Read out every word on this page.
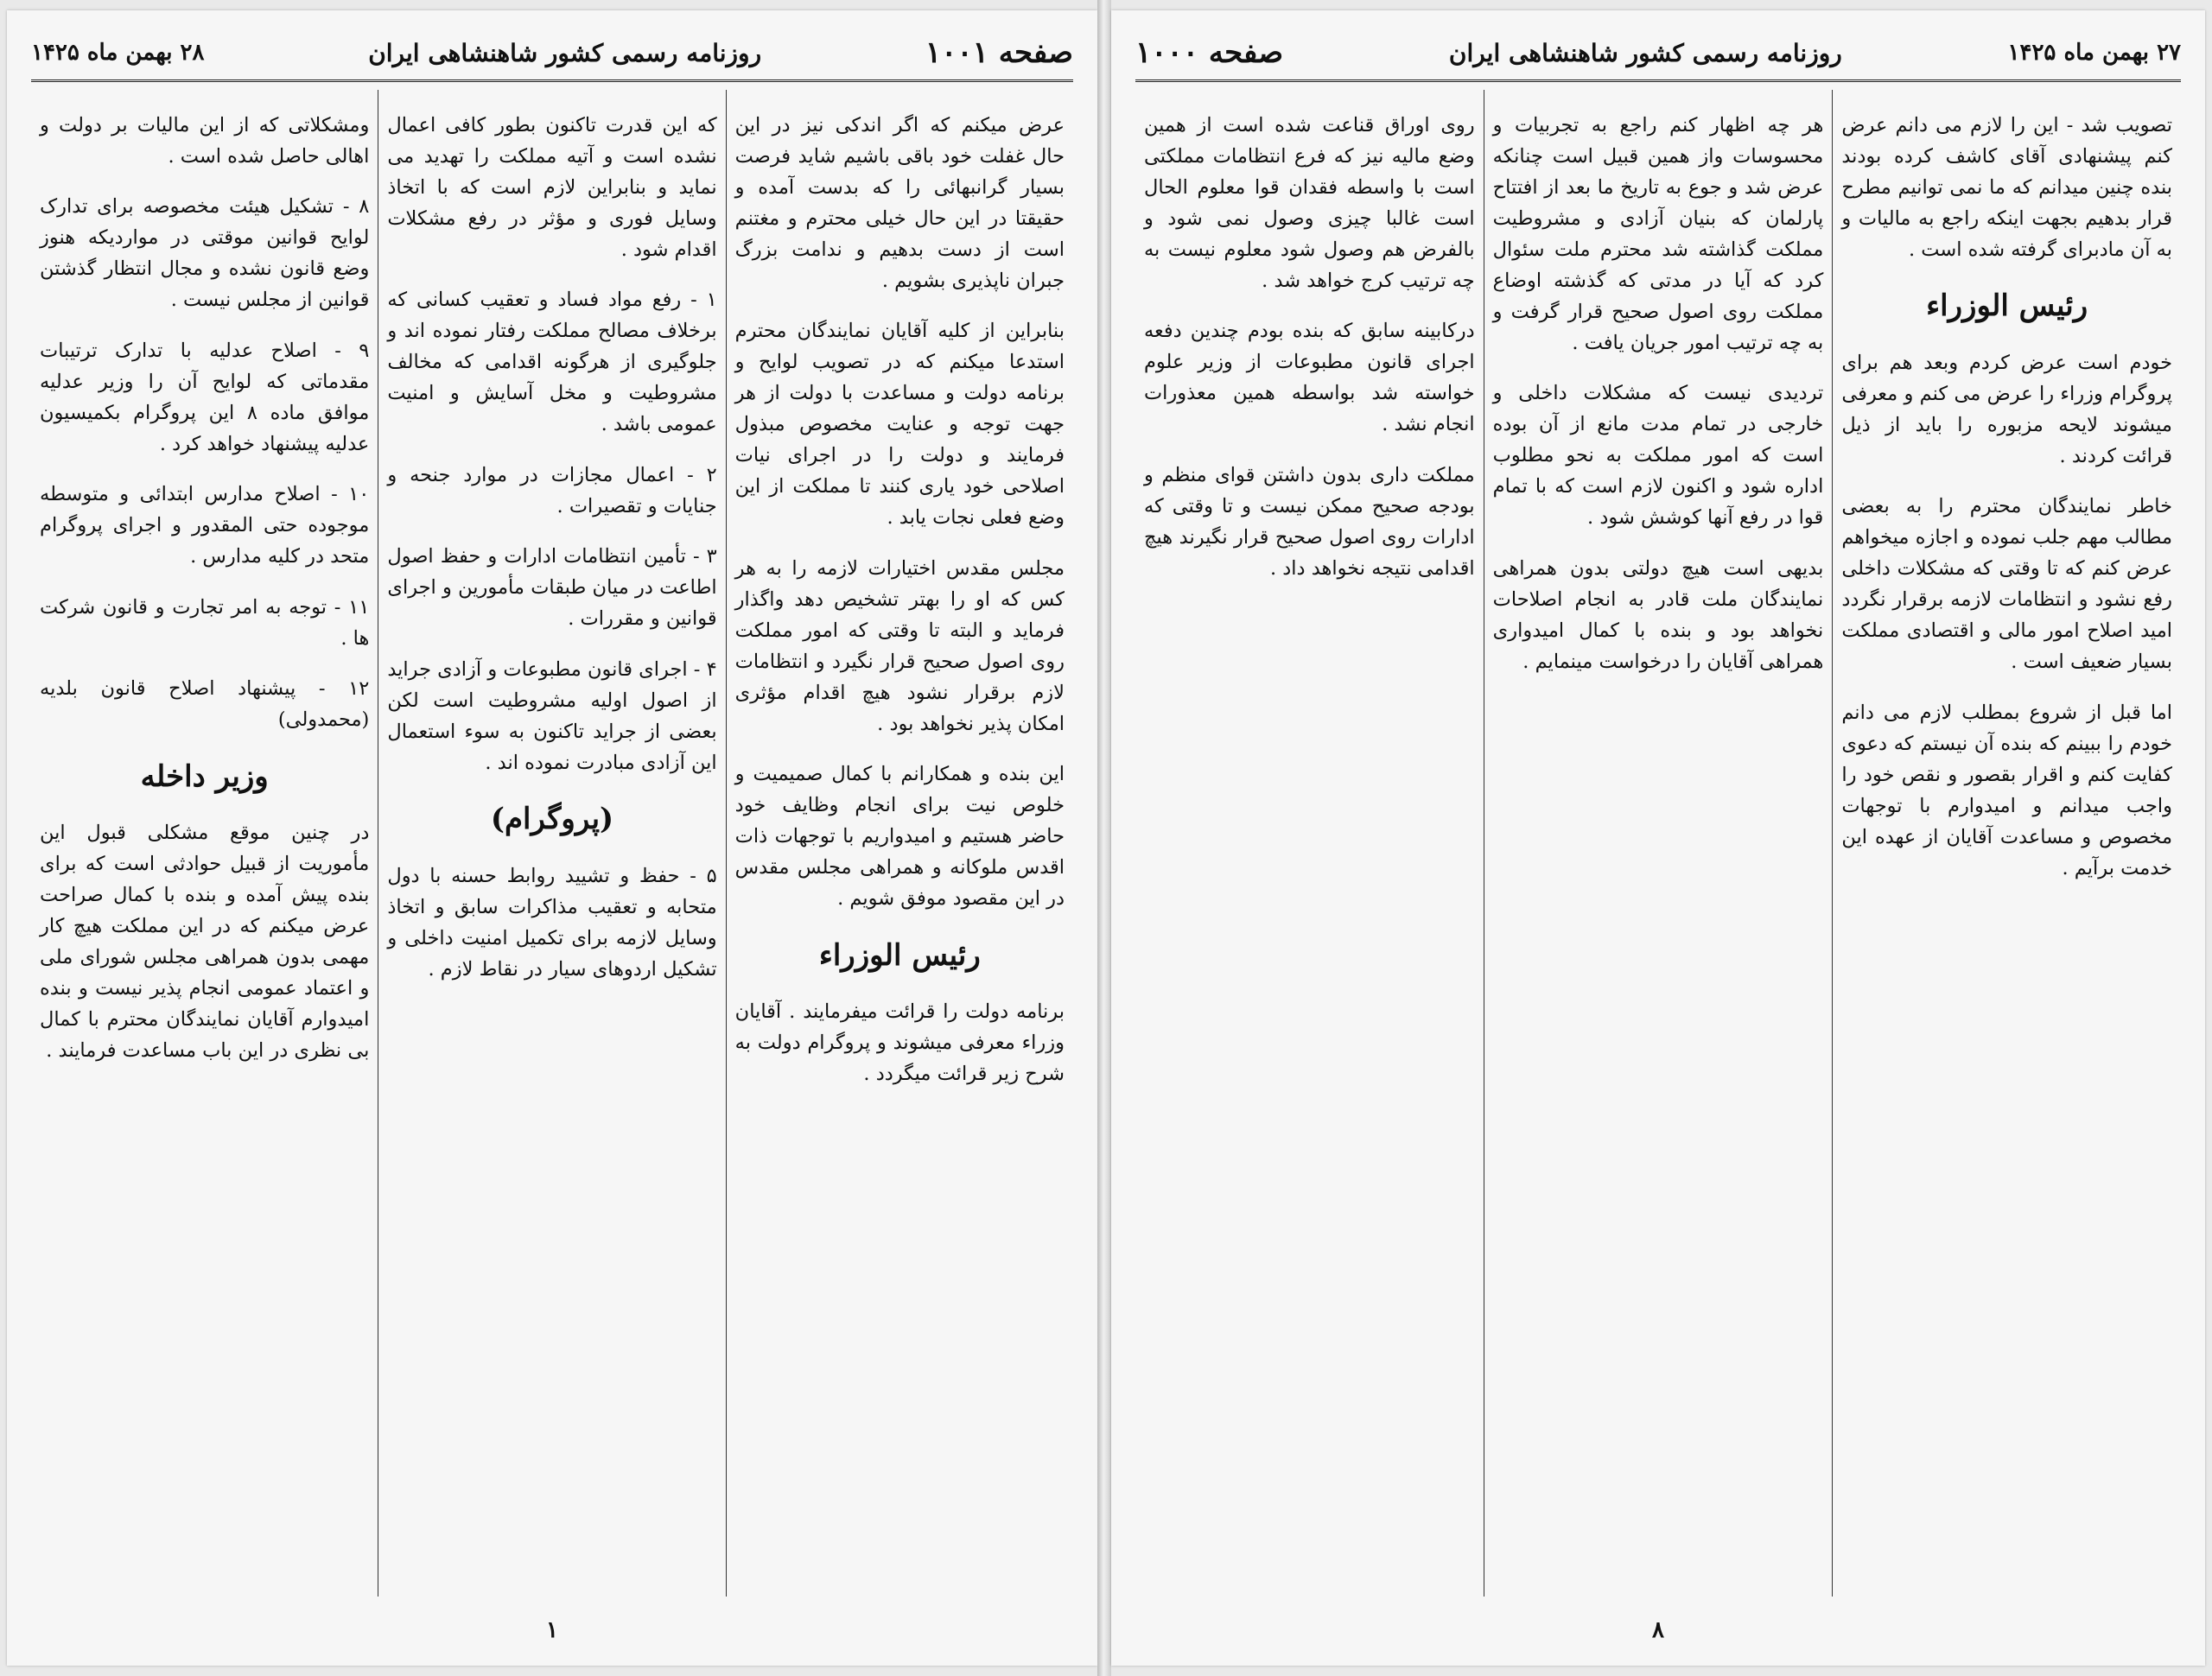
صفحه ۱۰۰۱
روزنامه رسمی کشور شاهنشاهی ایران
۲۸ بهمن ماه ۱۴۲۵

عرض میکنم که اگر اندکی نیز در این حال غفلت خود باقی باشیم شاید فرصت بسیار گرانبهائی را که بدست آمده و حقیقتا در این حال خیلی محترم و مغتنم است از دست بدهیم و ندامت بزرگ جبران ناپذیری بشویم .

بنابراین از کلیه آقایان نمایندگان محترم استدعا میکنم که در تصویب لوایح و برنامه دولت و مساعدت با دولت از هر جهت توجه و عنایت مخصوص مبذول فرمایند و دولت را در اجرای نیات اصلاحی خود یاری کنند تا مملکت از این وضع فعلی نجات یابد .

مجلس مقدس اختیارات لازمه را به هر کس که او را بهتر تشخیص دهد واگذار فرماید و البته تا وقتی که امور مملکت روی اصول صحیح قرار نگیرد و انتظامات لازم برقرار نشود هیچ اقدام مؤثری امکان پذیر نخواهد بود .

این بنده و همکارانم با کمال صمیمیت و خلوص نیت برای انجام وظایف خود حاضر هستیم و امیدواریم با توجهات ذات اقدس ملوکانه و همراهی مجلس مقدس در این مقصود موفق شویم .

رئیس الوزراء

برنامه دولت را قرائت میفرمایند . آقایان وزراء معرفی میشوند و پروگرام دولت به شرح زیر قرائت میگردد .

که این قدرت تاکنون بطور کافی اعمال نشده است و آتیه مملکت را تهدید می نماید و بنابراین لازم است که با اتخاذ وسایل فوری و مؤثر در رفع مشکلات اقدام شود .

۱ - رفع مواد فساد و تعقیب کسانی که برخلاف مصالح مملکت رفتار نموده اند و جلوگیری از هرگونه اقدامی که مخالف مشروطیت و مخل آسایش و امنیت عمومی باشد .

۲ - اعمال مجازات در موارد جنحه و جنایات و تقصیرات .

۳ - تأمین انتظامات ادارات و حفظ اصول اطاعت در میان طبقات مأمورین و اجرای قوانین و مقررات .

۴ - اجرای قانون مطبوعات و آزادی جراید از اصول اولیه مشروطیت است لکن بعضی از جراید تاکنون به سوء استعمال این آزادی مبادرت نموده اند .

(پروگرام)

۵ - حفظ و تشیید روابط حسنه با دول متحابه و تعقیب مذاکرات سابق و اتخاذ وسایل لازمه برای تکمیل امنیت داخلی و تشکیل اردوهای سیار در نقاط لازم .

ومشکلاتی که از این مالیات بر دولت و اهالی حاصل شده است .

۸ - تشکیل هیئت مخصوصه برای تدارک لوایح قوانین موقتی در مواردیکه هنوز وضع قانون نشده و مجال انتظار گذشتن قوانین از مجلس نیست .

۹ - اصلاح عدلیه با تدارک ترتیبات مقدماتی که لوایح آن را وزیر عدلیه موافق ماده ۸ این پروگرام بکمیسیون عدلیه پیشنهاد خواهد کرد .

۱۰ - اصلاح مدارس ابتدائی و متوسطه موجوده حتی المقدور و اجرای پروگرام متحد در کلیه مدارس .

۱۱ - توجه به امر تجارت و قانون شرکت ها .

۱۲ - پیشنهاد اصلاح قانون بلدیه (محمدولی)

وزیر داخله

در چنین موقع مشکلی قبول این مأموریت از قبیل حوادثی است که برای بنده پیش آمده و بنده با کمال صراحت عرض میکنم که در این مملکت هیچ کار مهمی بدون همراهی مجلس شورای ملی و اعتماد عمومی انجام پذیر نیست و بنده امیدوارم آقایان نمایندگان محترم با کمال بی نظری در این باب مساعدت فرمایند .

۱
۲۷ بهمن ماه ۱۴۲۵
روزنامه رسمی کشور شاهنشاهی ایران
صفحه ۱۰۰۰

تصویب شد - این را لازم می دانم عرض کنم پیشنهادی آقای کاشف کرده بودند بنده چنین میدانم که ما نمی توانیم مطرح قرار بدهیم بجهت اینکه راجع به مالیات و به آن مادبرای گرفته شده است .

رئیس الوزراء

خودم است عرض کردم وبعد هم برای پروگرام وزراء را عرض می کنم و معرفی میشوند لایحه مزبوره را باید از ذیل قرائت کردند .

خاطر نمایندگان محترم را به بعضی مطالب مهم جلب نموده و اجازه میخواهم عرض کنم که تا وقتی که مشکلات داخلی رفع نشود و انتظامات لازمه برقرار نگردد امید اصلاح امور مالی و اقتصادی مملکت بسیار ضعیف است .

اما قبل از شروع بمطلب لازم می دانم خودم را ببینم که بنده آن نیستم که دعوی کفایت کنم و اقرار بقصور و نقص خود را واجب میدانم و امیدوارم با توجهات مخصوص و مساعدت آقایان از عهده این خدمت برآیم .

هر چه اظهار کنم راجع به تجربیات و محسوسات واز همین قبیل است چنانکه عرض شد و جوع به تاریخ ما بعد از افتتاح پارلمان که بنیان آزادی و مشروطیت مملکت گذاشته شد محترم ملت سئوال کرد که آیا در مدتی که گذشته اوضاع مملکت روی اصول صحیح قرار گرفت و به چه ترتیب امور جریان یافت .

تردیدی نیست که مشکلات داخلی و خارجی در تمام مدت مانع از آن بوده است که امور مملکت به نحو مطلوب اداره شود و اکنون لازم است که با تمام قوا در رفع آنها کوشش شود .

بدیهی است هیچ دولتی بدون همراهی نمایندگان ملت قادر به انجام اصلاحات نخواهد بود و بنده با کمال امیدواری همراهی آقایان را درخواست مینمایم .

روی اوراق قناعت شده است از همین وضع مالیه نیز که فرع انتظامات مملکتی است با واسطه فقدان قوا معلوم الحال است غالبا چیزی وصول نمی شود و بالفرض هم وصول شود معلوم نیست به چه ترتیب کرج خواهد شد .

درکابینه سابق که بنده بودم چندین دفعه اجرای قانون مطبوعات از وزیر علوم خواسته شد بواسطه همین معذورات انجام نشد .

مملکت داری بدون داشتن قوای منظم و بودجه صحیح ممکن نیست و تا وقتی که ادارات روی اصول صحیح قرار نگیرند هیچ اقدامی نتیجه نخواهد داد .

۸
